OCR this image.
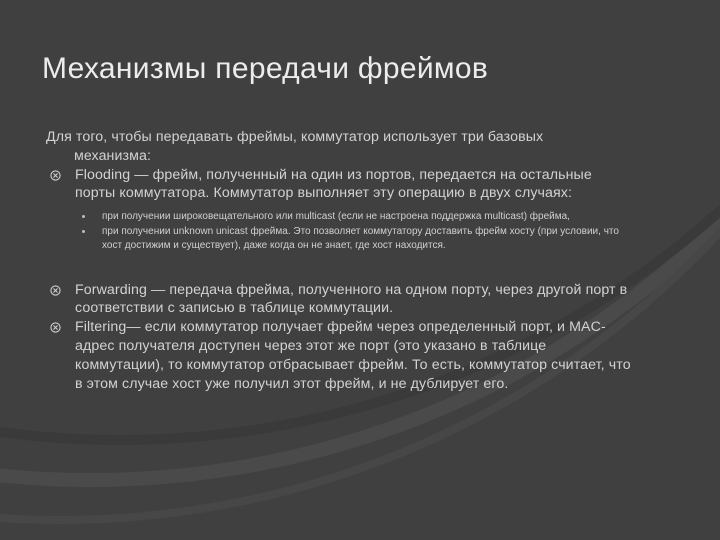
Механизмы передачи фреймов
Для того, чтобы передавать фреймы, коммутатор использует три базовых
механизма:
Flooding — фрейм, полученный на один из портов, передается на остальные порты коммутатора. Коммутатор выполняет эту операцию в двух случаях:
при получении широковещательного или multicast (если не настроена поддержка multicast) фрейма,
при получении unknown unicast фрейма. Это позволяет коммутатору доставить фрейм хосту (при условии, что хост достижим и существует), даже когда он не знает, где хост находится.
Forwarding — передача фрейма, полученного на одном порту, через другой порт в соответствии с записью в таблице коммутации.
Filtering— если коммутатор получает фрейм через определенный порт, и MAC-адрес получателя доступен через этот же порт (это указано в таблице коммутации), то коммутатор отбрасывает фрейм. То есть, коммутатор считает, что в этом случае хост уже получил этот фрейм, и не дублирует его.
